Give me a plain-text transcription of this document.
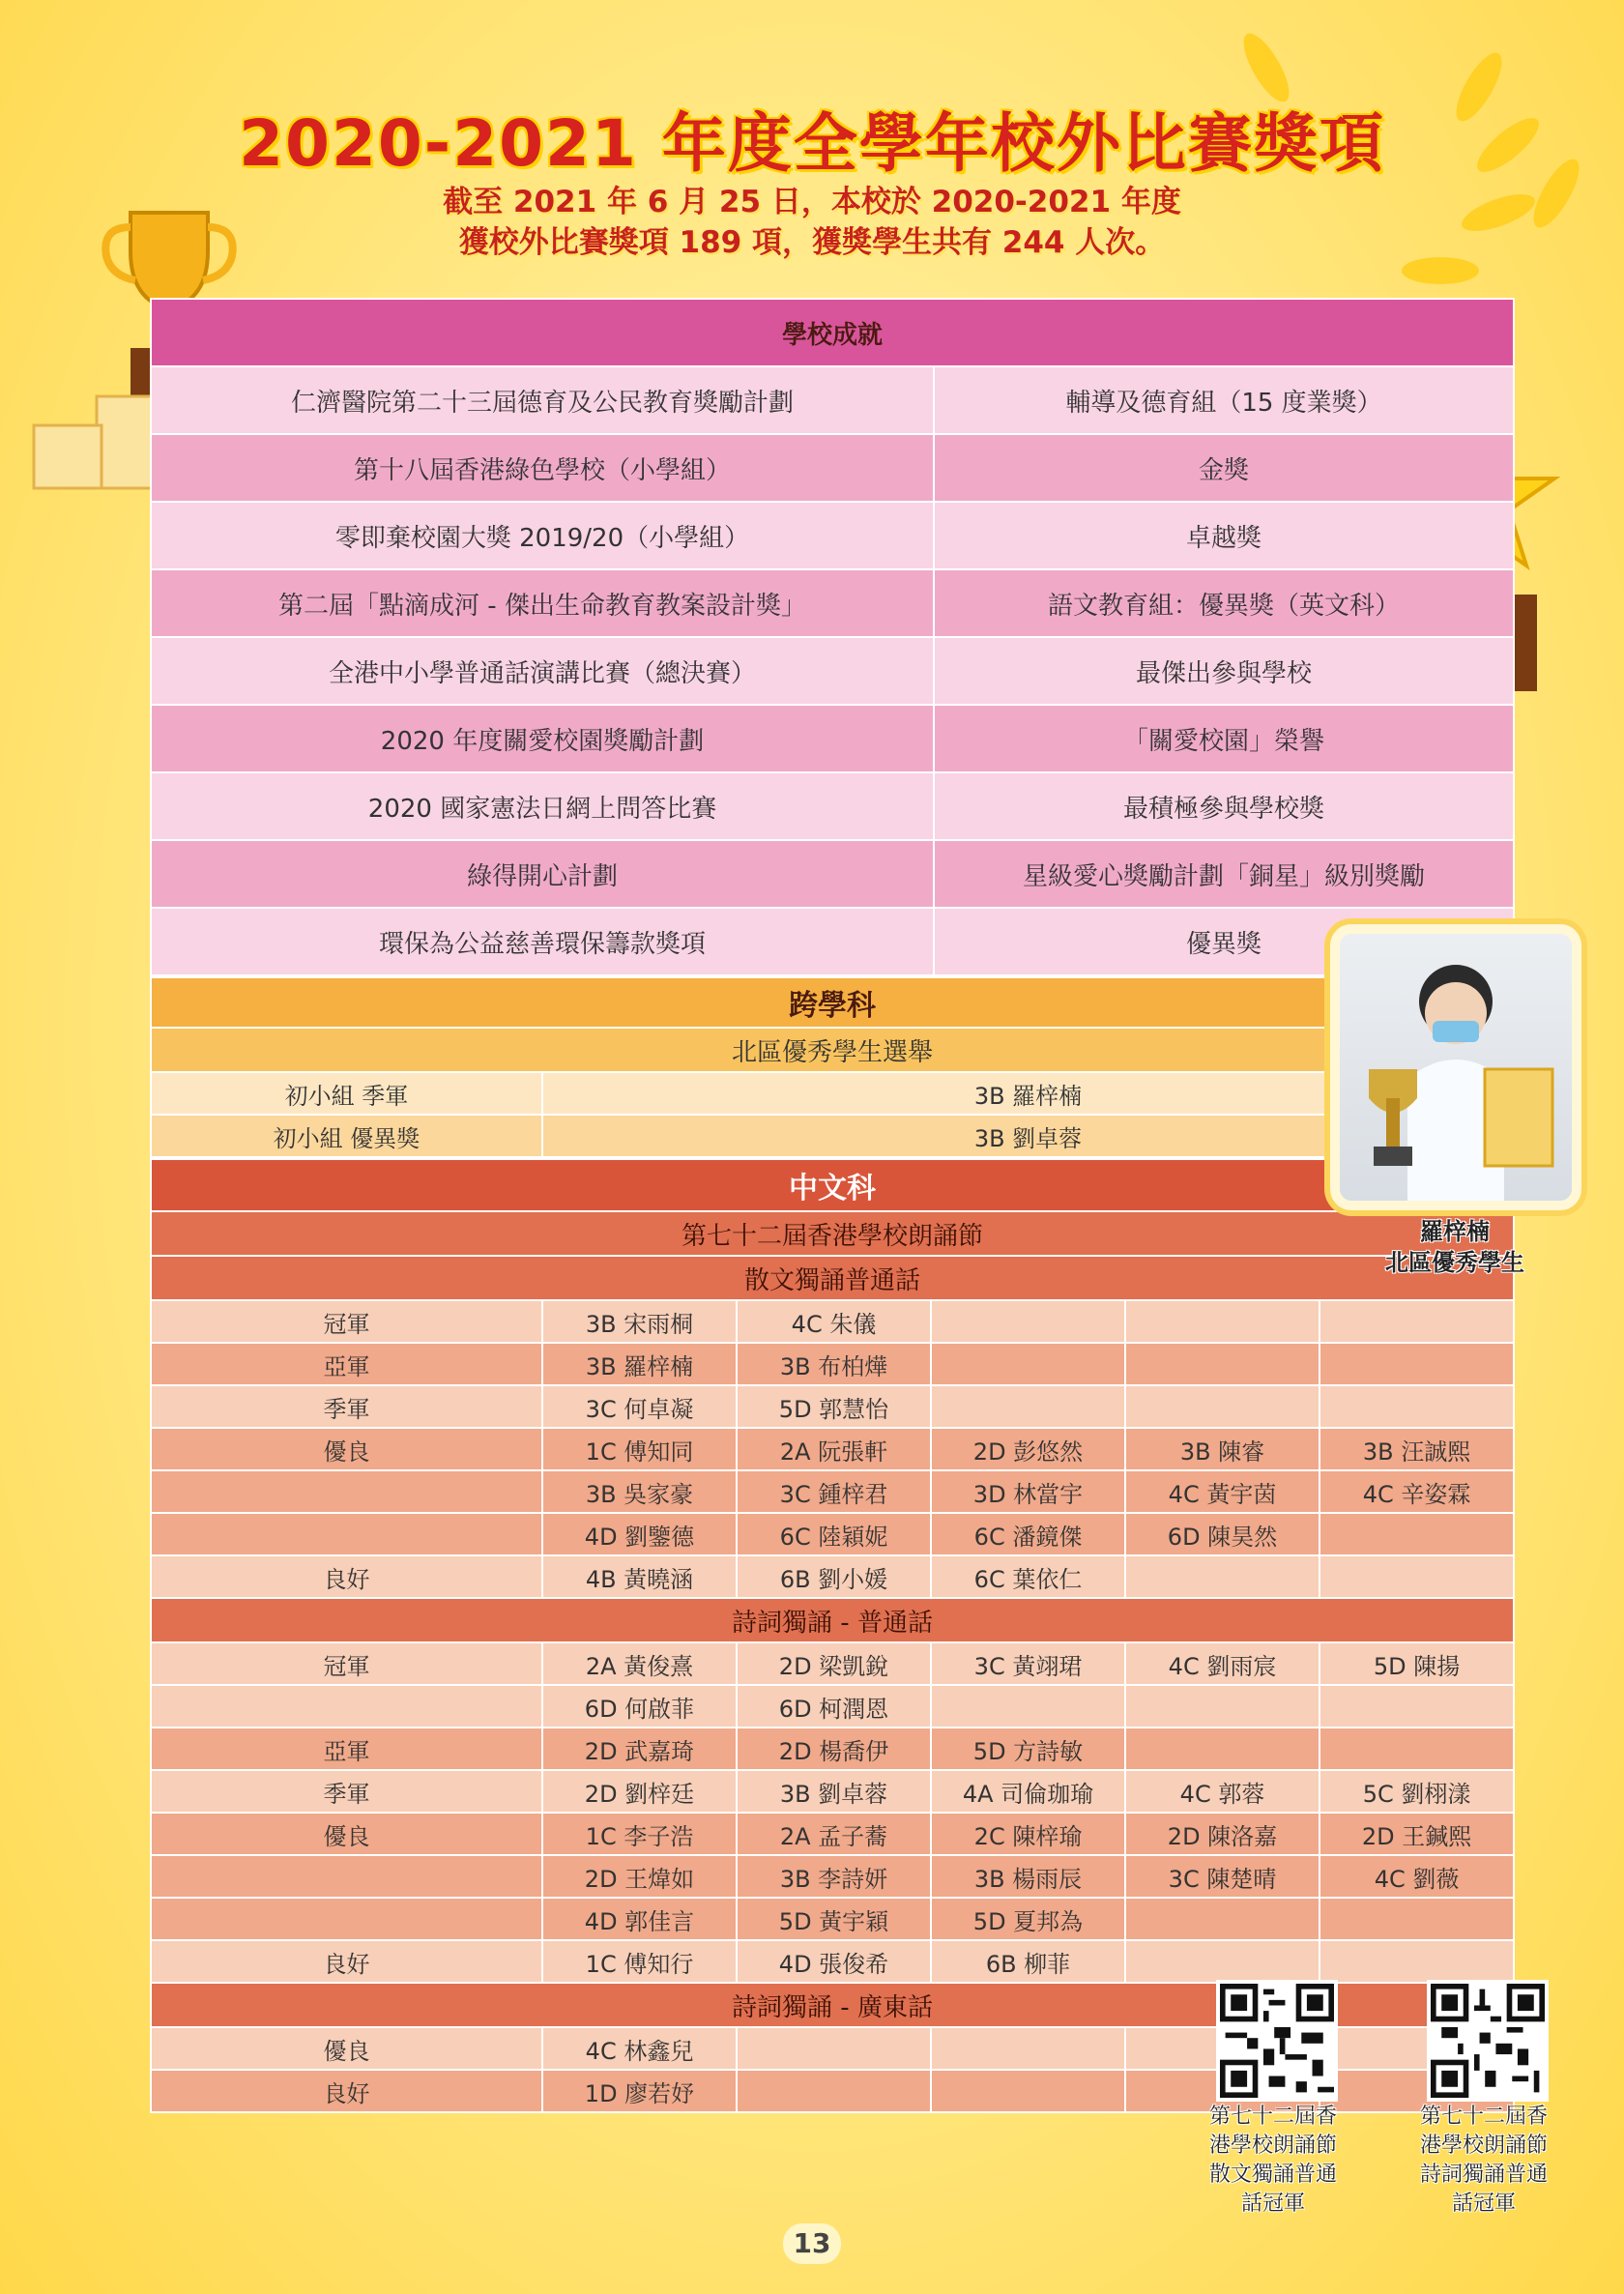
2020-2021 年度全學年校外比賽獎項
截至 2021 年 6 月 25 日，本校於 2020-2021 年度
獲校外比賽獎項 189 項，獲獎學生共有 244 人次。
學校成就	
仁濟醫院第二十三屆德育及公民教育獎勵計劃	輔導及德育組（15 度業獎）
第十八屆香港綠色學校（小學組）	金獎
零即棄校園大獎 2019/20（小學組）	卓越獎
第二屆「點滴成河 - 傑出生命教育教案設計獎」	語文教育組：優異獎（英文科）
全港中小學普通話演講比賽（總決賽）	最傑出參與學校
2020 年度關愛校園獎勵計劃	「關愛校園」榮譽
2020 國家憲法日網上問答比賽	最積極參與學校獎
綠得開心計劃	星級愛心獎勵計劃「銅星」級別獎勵
環保為公益慈善環保籌款獎項	優異獎
跨學科	
北區優秀學生選舉	
初小組 季軍	3B 羅梓楠
初小組 優異獎	3B 劉卓蓉
中文科					
第七十二屆香港學校朗誦節					
散文獨誦普通話					
冠軍	3B 宋雨桐	4C 朱儀			
亞軍	3B 羅梓楠	3B 布柏燁			
季軍	3C 何卓凝	5D 郭慧怡			
優良	1C 傅知同	2A 阮張軒	2D 彭悠然	3B 陳睿	3B 汪誠熙
	3B 吳家豪	3C 鍾梓君	3D 林當宇	4C 黃宇茵	4C 辛姿霖
	4D 劉鑒德	6C 陸穎妮	6C 潘鏡傑	6D 陳昊然	
良好	4B 黃曉涵	6B 劉小媛	6C 葉依仁		
詩詞獨誦 - 普通話					
冠軍	2A 黃俊熹	2D 梁凱銳	3C 黃翊珺	4C 劉雨宸	5D 陳揚
	6D 何啟菲	6D 柯潤恩			
亞軍	2D 武嘉琦	2D 楊喬伊	5D 方詩敏		
季軍	2D 劉梓廷	3B 劉卓蓉	4A 司倫珈瑜	4C 郭蓉	5C 劉栩漾
優良	1C 李子浩	2A 孟子蕎	2C 陳梓瑜	2D 陳洛嘉	2D 王鍼熙
	2D 王煒如	3B 李詩妍	3B 楊雨辰	3C 陳楚晴	4C 劉薇
	4D 郭佳言	5D 黃宇穎	5D 夏邦為		
良好	1C 傅知行	4D 張俊希	6B 柳菲		
詩詞獨誦 - 廣東話					
優良	4C 林鑫兒				
良好	1D 廖若妤				
羅梓楠
北區優秀學生
第七十二屆香
港學校朗誦節
散文獨誦普通
話冠軍
第七十二屆香
港學校朗誦節
詩詞獨誦普通
話冠軍
13
